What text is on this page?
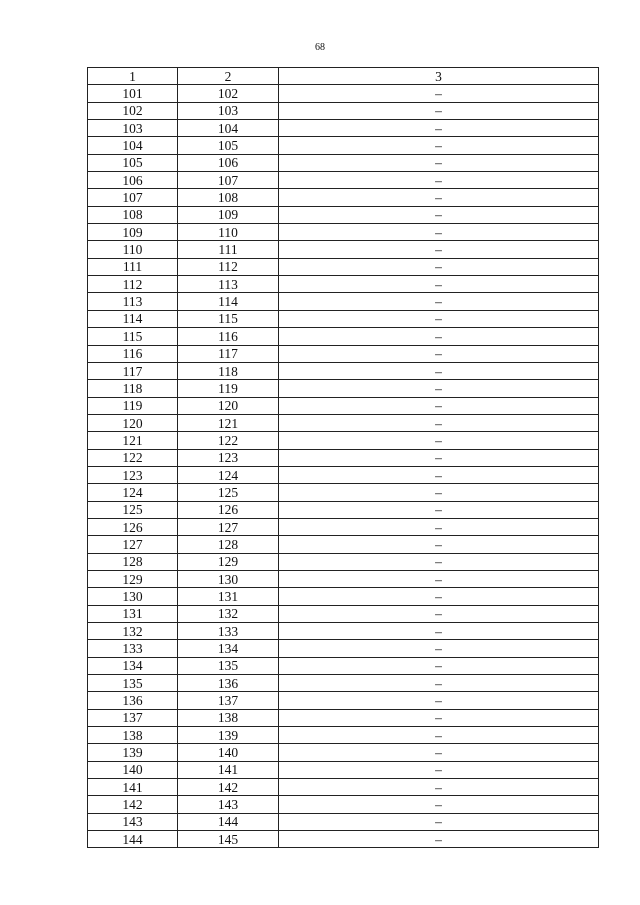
68
1	2	3
101	102	–
102	103	–
103	104	–
104	105	–
105	106	–
106	107	–
107	108	–
108	109	–
109	110	–
110	111	–
111	112	–
112	113	–
113	114	–
114	115	–
115	116	–
116	117	–
117	118	–
118	119	–
119	120	–
120	121	–
121	122	–
122	123	–
123	124	–
124	125	–
125	126	–
126	127	–
127	128	–
128	129	–
129	130	–
130	131	–
131	132	–
132	133	–
133	134	–
134	135	–
135	136	–
136	137	–
137	138	–
138	139	–
139	140	–
140	141	–
141	142	–
142	143	–
143	144	–
144	145	–
